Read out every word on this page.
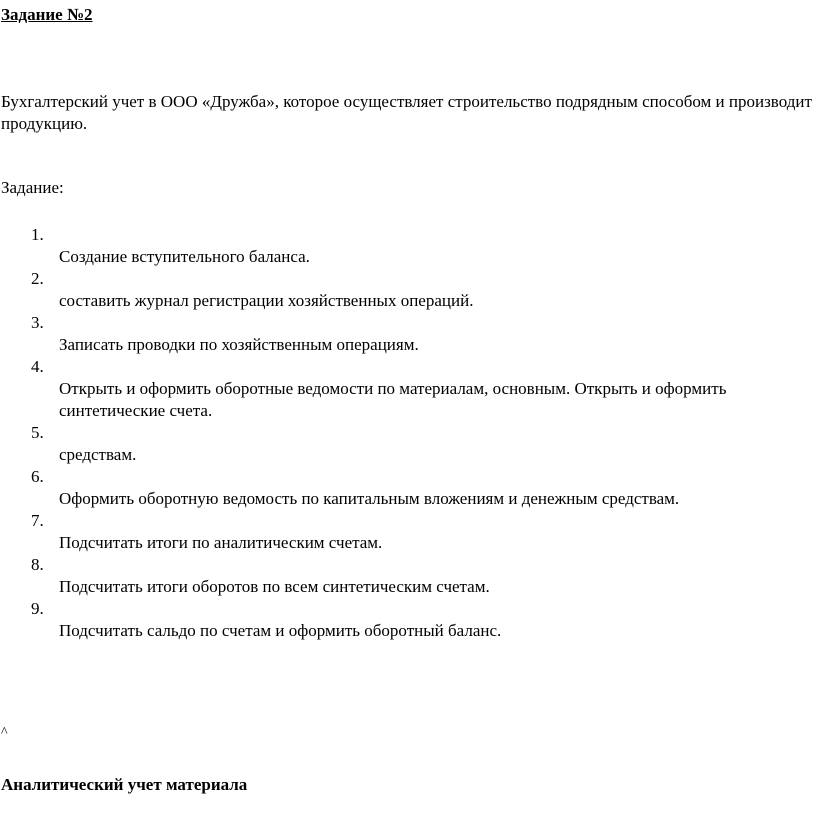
Задание №2
Бухгалтерский учет в ООО «Дружба», которое осуществляет строительство подрядным способом и производит продукцию.
Задание:
1.
Создание вступительного баланса.
2.
составить журнал регистрации хозяйственных операций.
3.
Записать проводки по хозяйственным операциям.
4.
Открыть и оформить оборотные ведомости по материалам, основным. Открыть и оформить синтетические счета.
5.
средствам.
6.
Оформить оборотную ведомость по капитальным вложениям и денежным средствам.
7.
Подсчитать итоги по аналитическим счетам.
8.
Подсчитать итоги оборотов по всем синтетическим счетам.
9.
Подсчитать сальдо по счетам и оформить оборотный баланс.
^
Аналитический учет материала
